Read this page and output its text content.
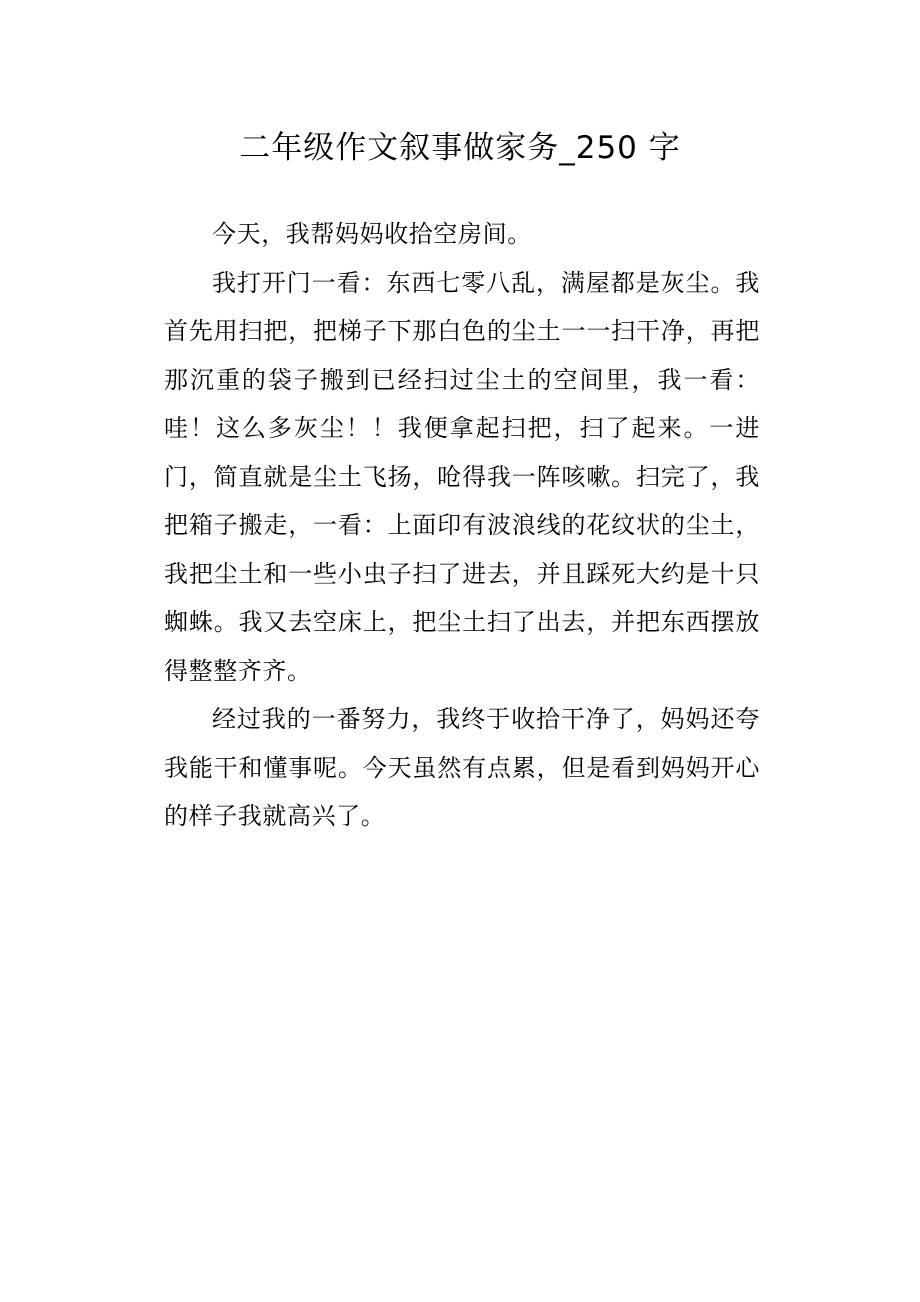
二年级作文叙事做家务_250 字

今天，我帮妈妈收拾空房间。

我打开门一看：东西七零八乱，满屋都是灰尘。我首先用扫把，把梯子下那白色的尘土一一扫干净，再把那沉重的袋子搬到已经扫过尘土的空间里，我一看：哇！这么多灰尘！！我便拿起扫把，扫了起来。一进门，简直就是尘土飞扬，呛得我一阵咳嗽。扫完了，我把箱子搬走，一看：上面印有波浪线的花纹状的尘土，我把尘土和一些小虫子扫了进去，并且踩死大约是十只蜘蛛。我又去空床上，把尘土扫了出去，并把东西摆放得整整齐齐。

经过我的一番努力，我终于收拾干净了，妈妈还夸我能干和懂事呢。今天虽然有点累，但是看到妈妈开心的样子我就高兴了。
